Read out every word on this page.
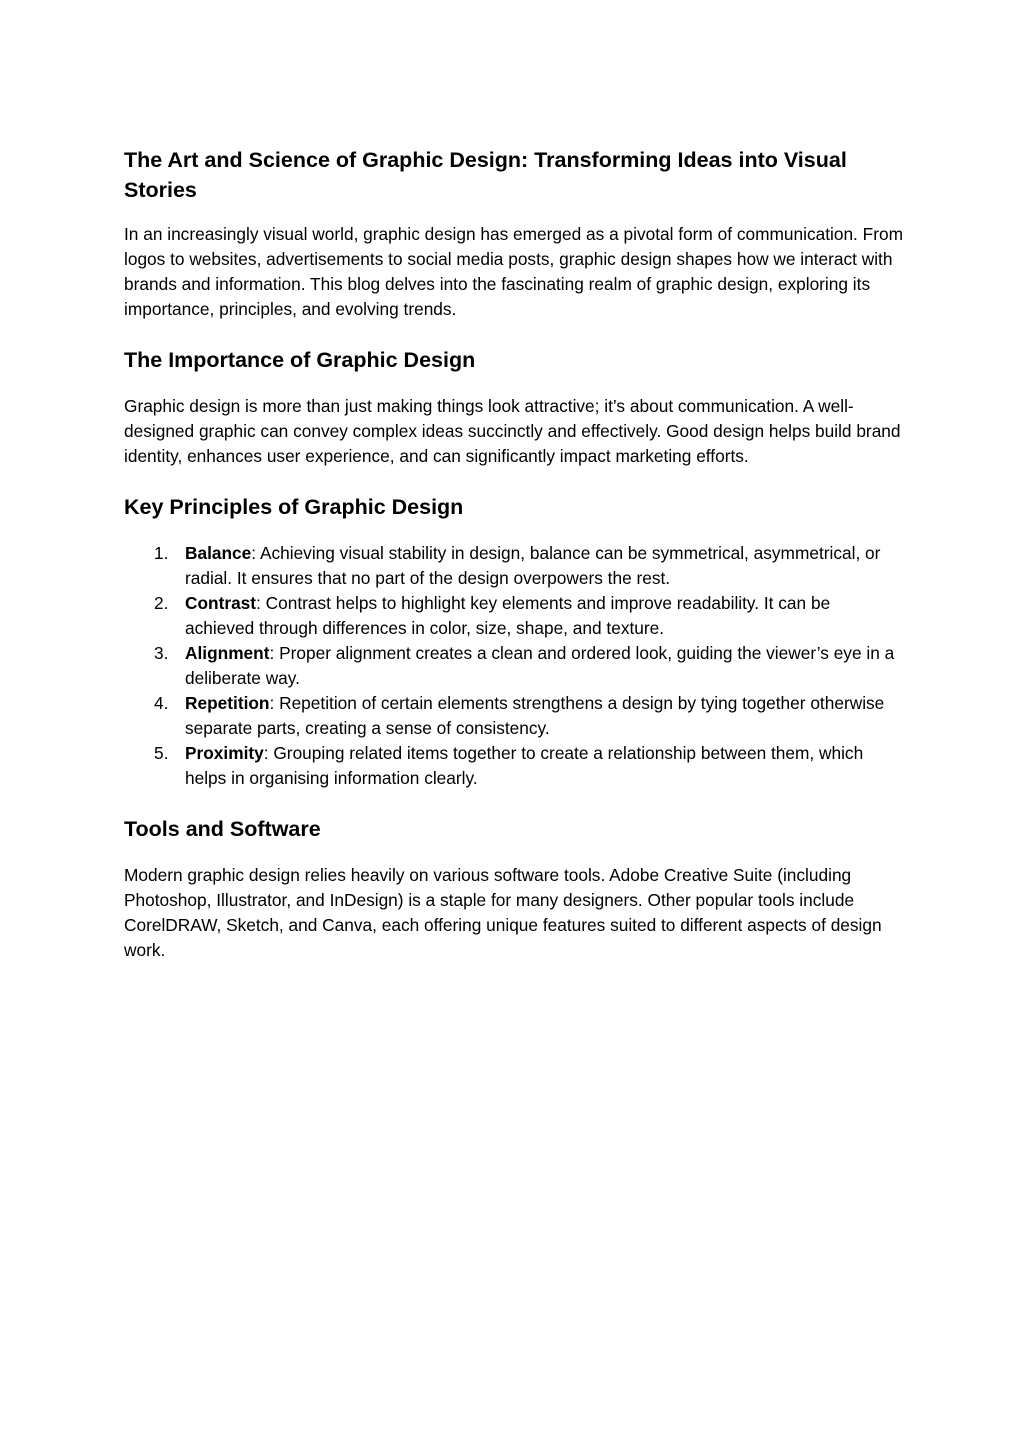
The Art and Science of Graphic Design: Transforming Ideas into Visual Stories

In an increasingly visual world, graphic design has emerged as a pivotal form of communication. From logos to websites, advertisements to social media posts, graphic design shapes how we interact with brands and information. This blog delves into the fascinating realm of graphic design, exploring its importance, principles, and evolving trends.

The Importance of Graphic Design

Graphic design is more than just making things look attractive; it’s about communication. A well-designed graphic can convey complex ideas succinctly and effectively. Good design helps build brand identity, enhances user experience, and can significantly impact marketing efforts.

Key Principles of Graphic Design
1. Balance: Achieving visual stability in design, balance can be symmetrical, asymmetrical, or radial. It ensures that no part of the design overpowers the rest.
2. Contrast: Contrast helps to highlight key elements and improve readability. It can be achieved through differences in color, size, shape, and texture.
3. Alignment: Proper alignment creates a clean and ordered look, guiding the viewer’s eye in a deliberate way.
4. Repetition: Repetition of certain elements strengthens a design by tying together otherwise separate parts, creating a sense of consistency.
5. Proximity: Grouping related items together to create a relationship between them, which helps in organising information clearly.
Tools and Software

Modern graphic design relies heavily on various software tools. Adobe Creative Suite (including Photoshop, Illustrator, and InDesign) is a staple for many designers. Other popular tools include CorelDRAW, Sketch, and Canva, each offering unique features suited to different aspects of design work.
